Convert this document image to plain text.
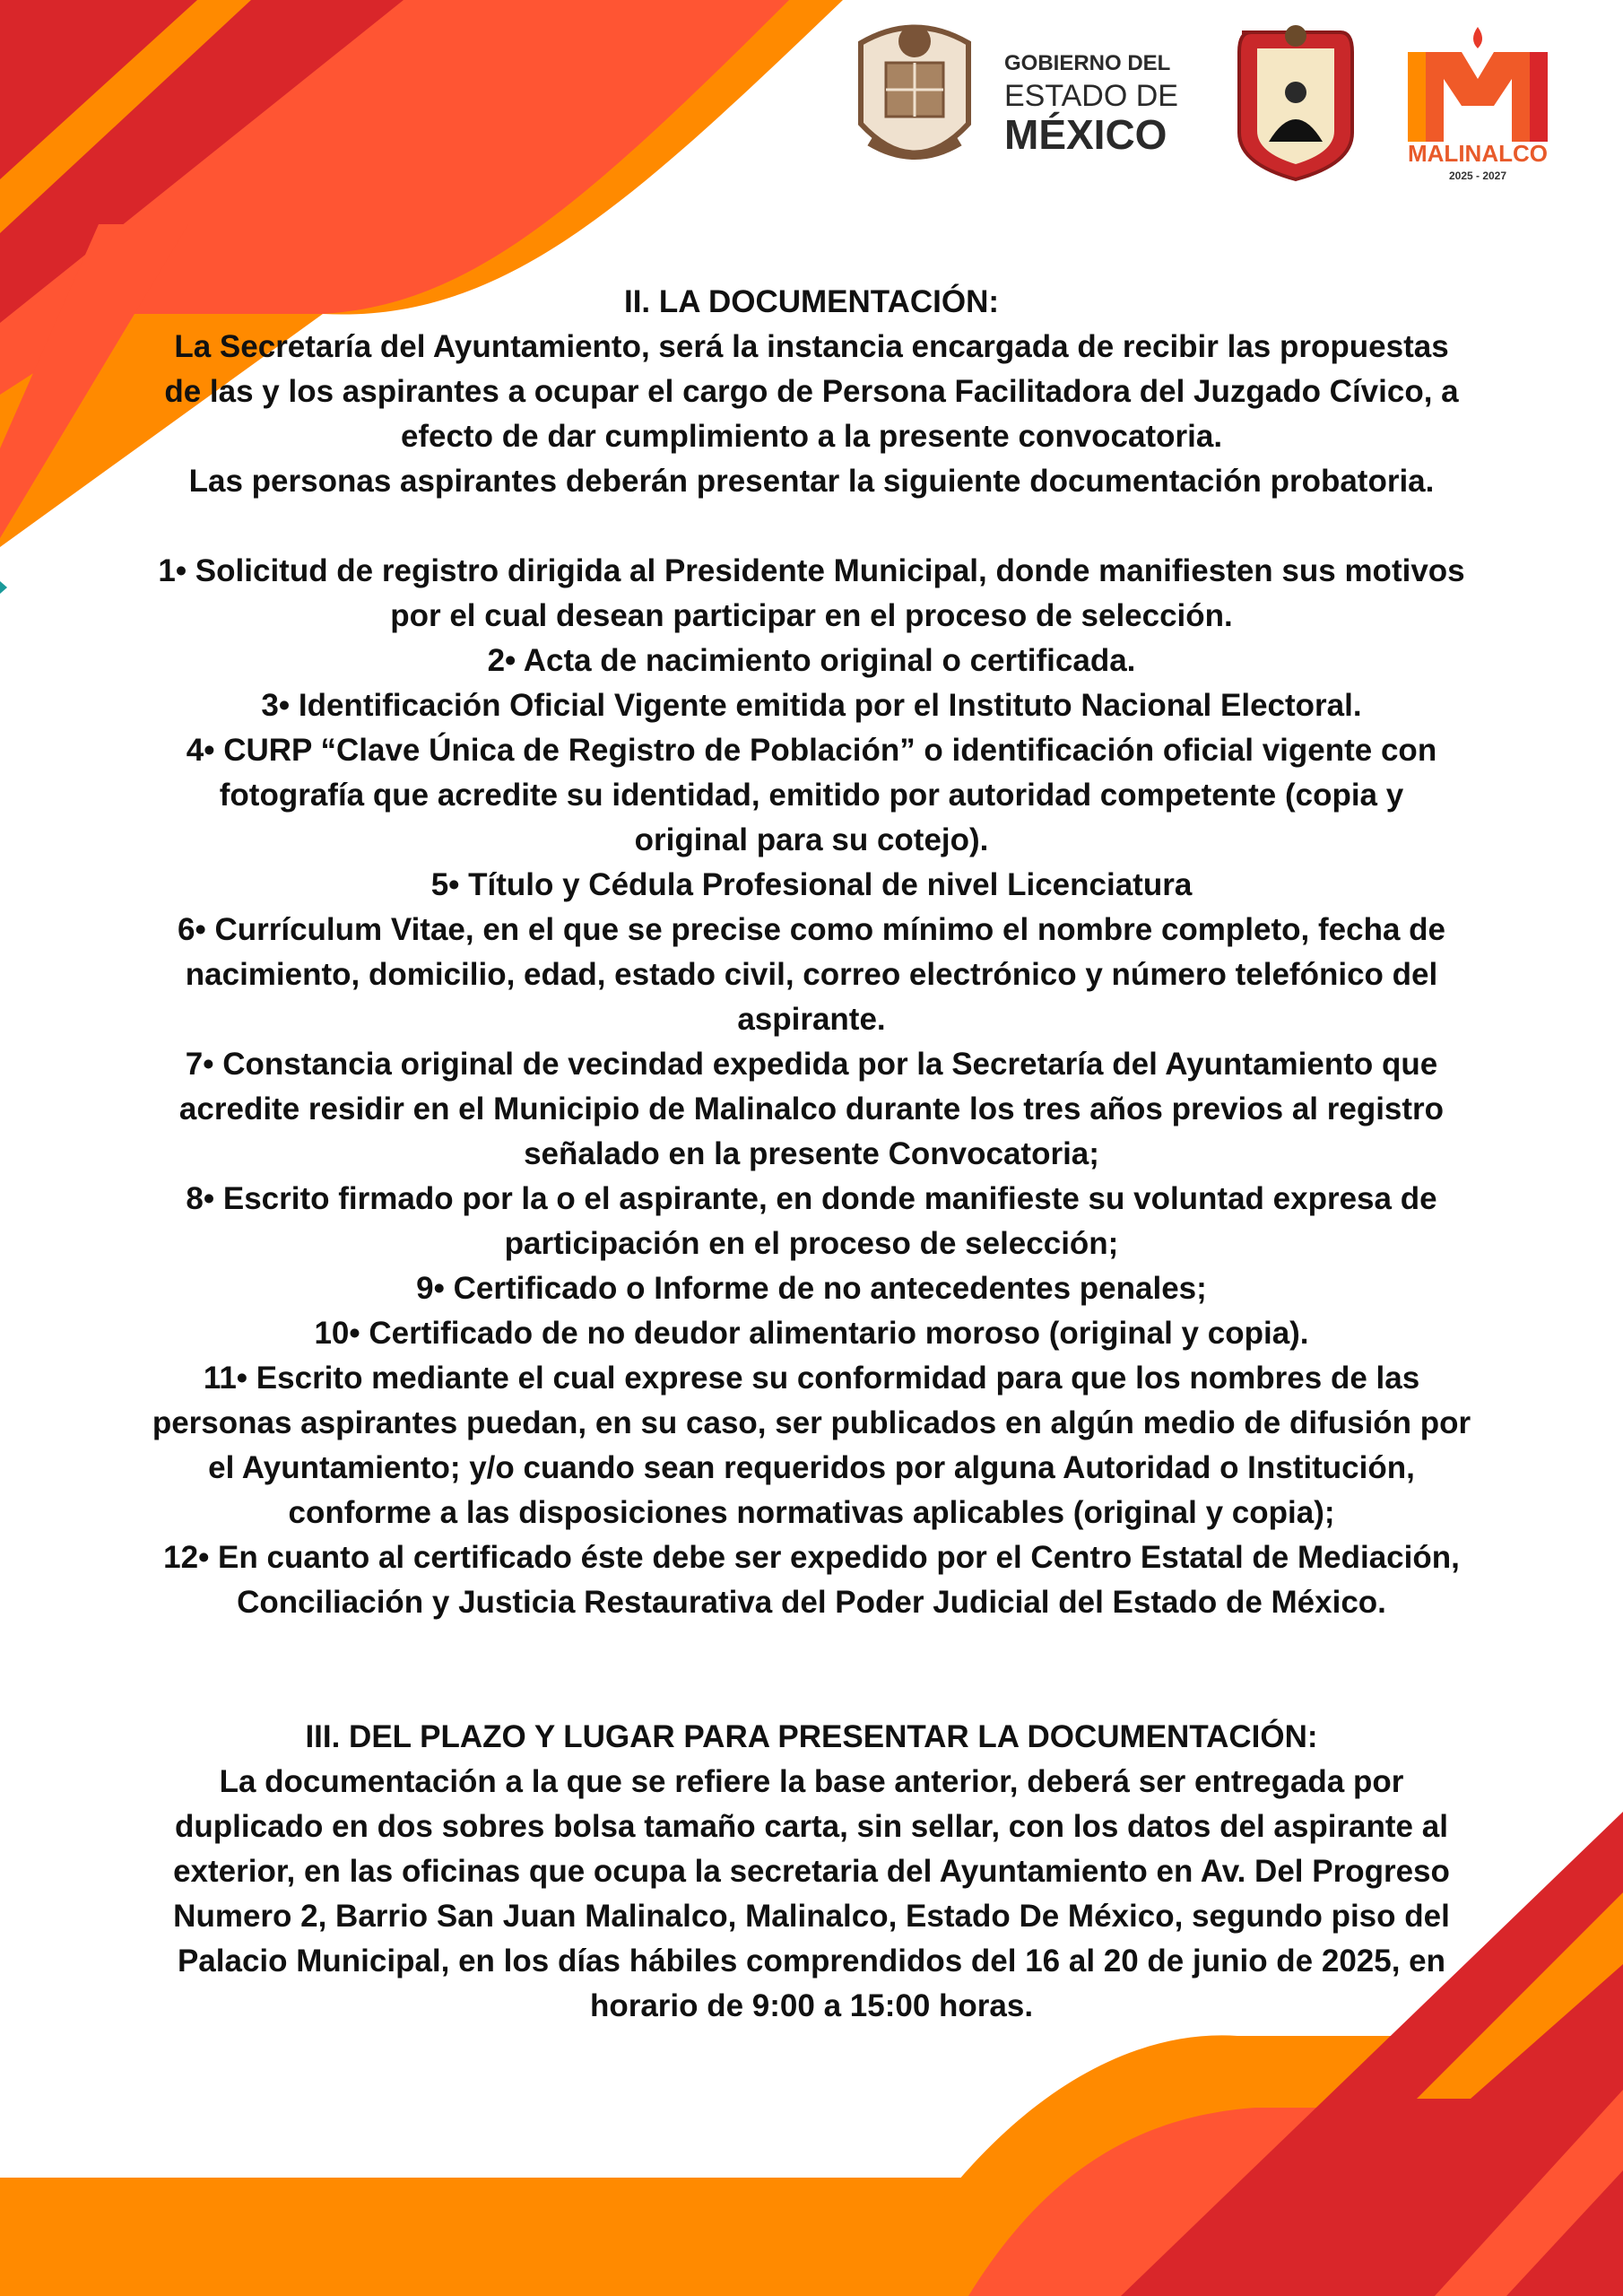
GOBIERNO DEL
ESTADO DE
MÉXICO	MALINALCO
2025 - 2027

II. LA DOCUMENTACIÓN:

La Secretaría del Ayuntamiento, será la instancia encargada de recibir las propuestas

de las y los aspirantes a ocupar el cargo de Persona Facilitadora del Juzgado Cívico, a

efecto de dar cumplimiento a la presente convocatoria.

Las personas aspirantes deberán presentar la siguiente documentación probatoria.

1• Solicitud de registro dirigida al Presidente Municipal, donde manifiesten sus motivos

por el cual desean participar en el proceso de selección.

2• Acta de nacimiento original o certificada.

3• Identificación Oficial Vigente emitida por el Instituto Nacional Electoral.

4• CURP “Clave Única de Registro de Población” o identificación oficial vigente con

fotografía que acredite su identidad, emitido por autoridad competente (copia y

original para su cotejo).

5• Título y Cédula Profesional de nivel Licenciatura

6• Currículum Vitae, en el que se precise como mínimo el nombre completo, fecha de

nacimiento, domicilio, edad, estado civil, correo electrónico y número telefónico del

aspirante.

7• Constancia original de vecindad expedida por la Secretaría del Ayuntamiento que

acredite residir en el Municipio de Malinalco durante los tres años previos al registro

señalado en la presente Convocatoria;

8• Escrito firmado por la o el aspirante, en donde manifieste su voluntad expresa de

participación en el proceso de selección;

9• Certificado o Informe de no antecedentes penales;

10• Certificado de no deudor alimentario moroso (original y copia).

11• Escrito mediante el cual exprese su conformidad para que los nombres de las

personas aspirantes puedan, en su caso, ser publicados en algún medio de difusión por

el Ayuntamiento; y/o cuando sean requeridos por alguna Autoridad o Institución,

conforme a las disposiciones normativas aplicables (original y copia);

12• En cuanto al certificado éste debe ser expedido por el Centro Estatal de Mediación,

Conciliación y Justicia Restaurativa del Poder Judicial del Estado de México.

III. DEL PLAZO Y LUGAR PARA PRESENTAR LA DOCUMENTACIÓN:

La documentación a la que se refiere la base anterior, deberá ser entregada por

duplicado en dos sobres bolsa tamaño carta, sin sellar, con los datos del aspirante al

exterior, en las oficinas que ocupa la secretaria del Ayuntamiento en Av. Del Progreso

Numero 2, Barrio San Juan Malinalco, Malinalco, Estado De México, segundo piso del

Palacio Municipal, en los días hábiles comprendidos del 16 al 20 de junio de 2025, en

horario de 9:00 a 15:00 horas.
